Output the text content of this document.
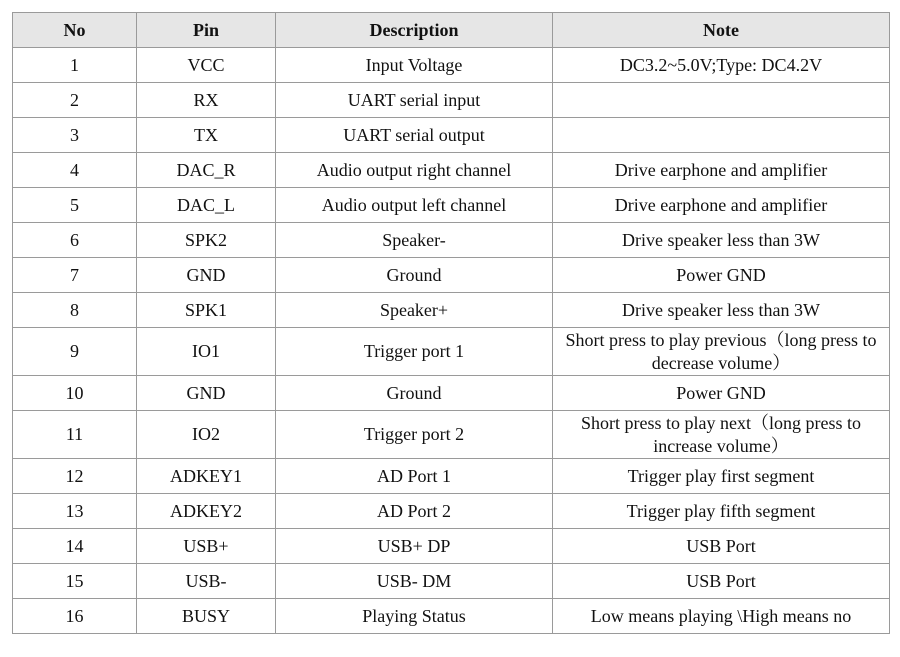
No	Pin	Description	Note
1	VCC	Input Voltage	DC3.2~5.0V;Type: DC4.2V
2	RX	UART serial input	
3	TX	UART serial output	
4	DAC_R	Audio output right channel	Drive earphone and amplifier
5	DAC_L	Audio output left channel	Drive earphone and amplifier
6	SPK2	Speaker-	Drive speaker less than 3W
7	GND	Ground	Power GND
8	SPK1	Speaker+	Drive speaker less than 3W
9	IO1	Trigger port 1	Short press to play previous（long press to decrease volume）
10	GND	Ground	Power GND
11	IO2	Trigger port 2	Short press to play next（long press to increase volume）
12	ADKEY1	AD Port 1	Trigger play first segment
13	ADKEY2	AD Port 2	Trigger play fifth segment
14	USB+	USB+ DP	USB Port
15	USB-	USB- DM	USB Port
16	BUSY	Playing Status	Low means playing \High means no
